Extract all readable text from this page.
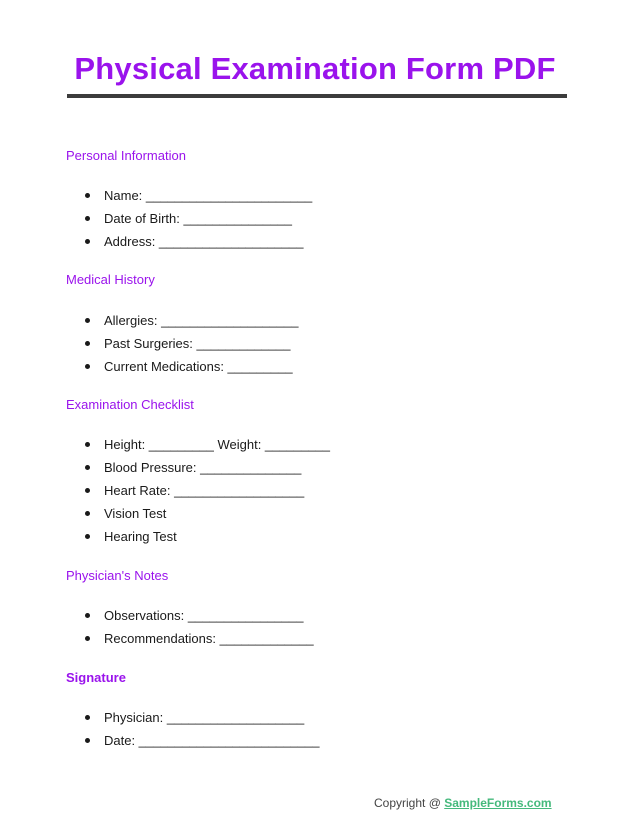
Physical Examination Form PDF
Personal Information
Name: _______________________
Date of Birth: _______________
Address: ____________________
Medical History
Allergies: ___________________
Past Surgeries: _____________
Current Medications: _________
Examination Checklist
Height: _________ Weight: _________
Blood Pressure: ______________
Heart Rate: __________________
Vision Test
Hearing Test
Physician's Notes
Observations: ________________
Recommendations: _____________
Signature
Physician: ___________________
Date: _________________________
Copyright @ SampleForms.com
